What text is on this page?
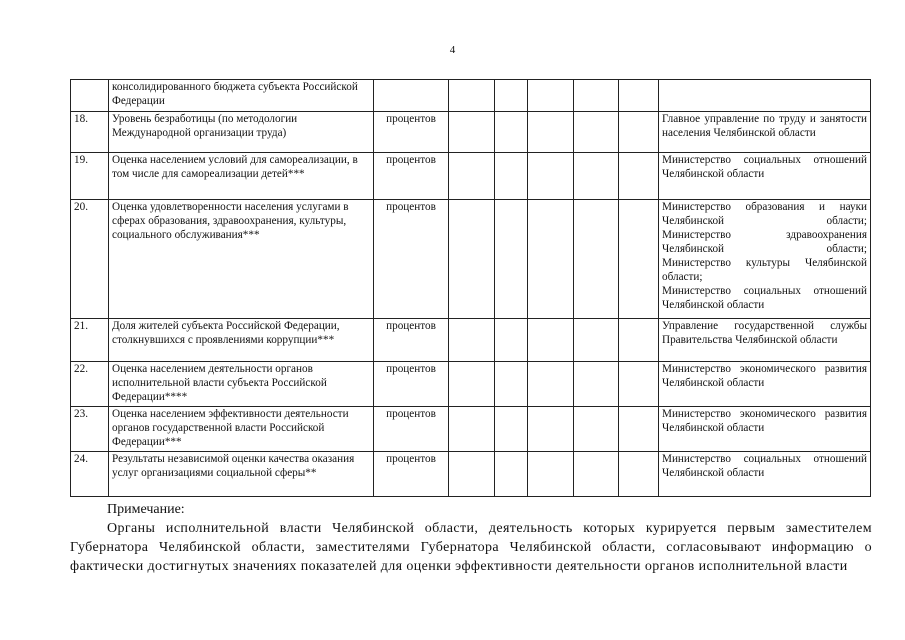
4
	консолидированного бюджета субъекта Российской Федерации							
18.	Уровень безработицы (по методологии Международной организации труда)	процентов						Главное управление по труду и занятости населения Челябинской области

19.	Оценка населением условий для самореализации, в том числе для самореализации детей***	процентов						Министерство социальных отношений Челябинской области

20.	Оценка удовлетворенности населения услугами в сферах образования, здравоохранения, культуры, социального обслуживания***	процентов						Министерство образования и науки Челябинской области;
Министерство здравоохранения Челябинской области;
Министерство культуры Челябинской области;
Министерство социальных отношений Челябинской области

21.	Доля жителей субъекта Российской Федерации, столкнувшихся с проявлениями коррупции***	процентов						Управление государственной службы Правительства Челябинской области

22.	Оценка населением деятельности органов исполнительной власти субъекта Российской Федерации****	процентов						Министерство экономического развития Челябинской области

23.	Оценка населением эффективности деятельности органов государственной власти Российской Федерации***	процентов						Министерство экономического развития Челябинской области

24.	Результаты независимой оценки качества оказания услуг организациями социальной сферы**	процентов						Министерство социальных отношений Челябинской области
Примечание:
Органы исполнительной власти Челябинской области, деятельность которых курируется первым заместителем Губернатора Челябинской области, заместителями Губернатора Челябинской области, согласовывают информацию о фактически достигнутых значениях показателей для оценки эффективности деятельности органов исполнительной власти
